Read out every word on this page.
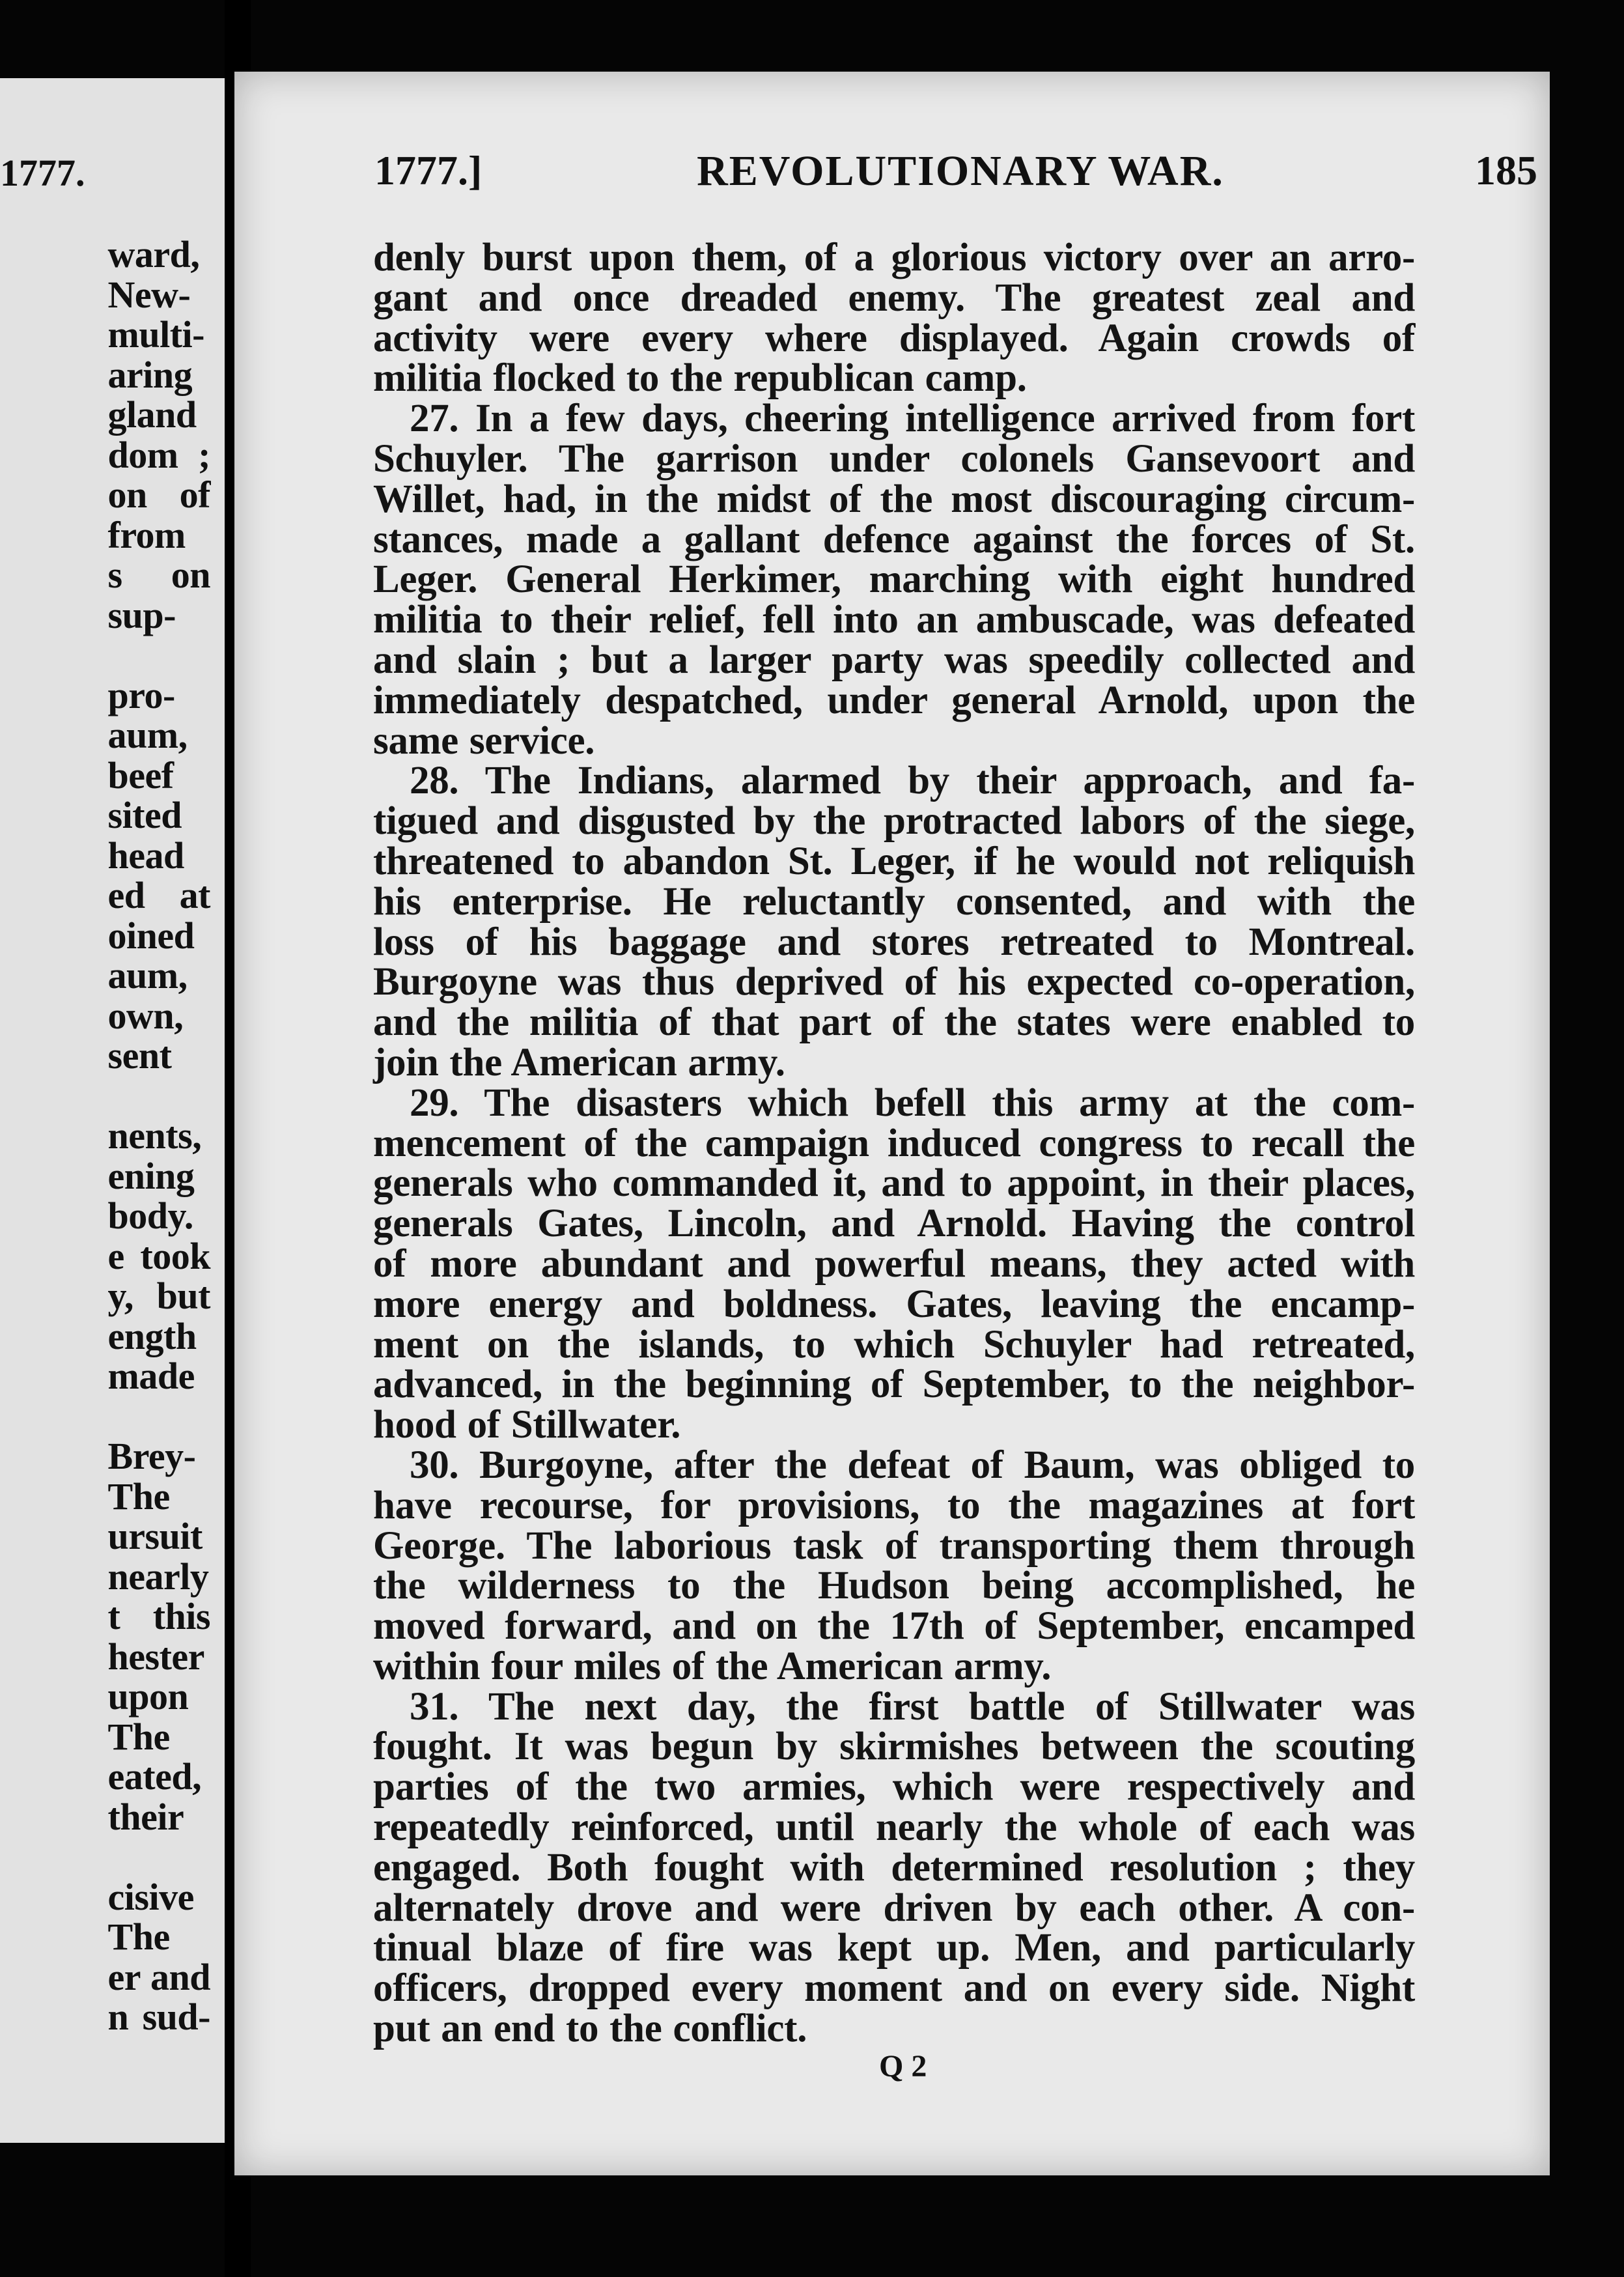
1777.
ward,
New-
multi-
aring
gland
dom ;
on of
from
s on
sup-
pro-
aum,
beef
sited
head
ed at
oined
aum,
own,
sent
nents,
ening
body.
e took
y, but
ength
made
Brey-
The
ursuit
nearly
t this
hester
upon
The
eated,
their
cisive
The
er and
n sud-
1777.]	REVOLUTIONARY WAR.	185
denly burst upon them, of a glorious victory over an arro-
gant and once dreaded enemy. The greatest zeal and
activity were every where displayed. Again crowds of
militia flocked to the republican camp.
27. In a few days, cheering intelligence arrived from fort
Schuyler. The garrison under colonels Gansevoort and
Willet, had, in the midst of the most discouraging circum-
stances, made a gallant defence against the forces of St.
Leger. General Herkimer, marching with eight hundred
militia to their relief, fell into an ambuscade, was defeated
and slain ; but a larger party was speedily collected and
immediately despatched, under general Arnold, upon the
same service.
28. The Indians, alarmed by their approach, and fa-
tigued and disgusted by the protracted labors of the siege,
threatened to abandon St. Leger, if he would not reliquish
his enterprise. He reluctantly consented, and with the
loss of his baggage and stores retreated to Montreal.
Burgoyne was thus deprived of his expected co-operation,
and the militia of that part of the states were enabled to
join the American army.
29. The disasters which befell this army at the com-
mencement of the campaign induced congress to recall the
generals who commanded it, and to appoint, in their places,
generals Gates, Lincoln, and Arnold. Having the control
of more abundant and powerful means, they acted with
more energy and boldness. Gates, leaving the encamp-
ment on the islands, to which Schuyler had retreated,
advanced, in the beginning of September, to the neighbor-
hood of Stillwater.
30. Burgoyne, after the defeat of Baum, was obliged to
have recourse, for provisions, to the magazines at fort
George. The laborious task of transporting them through
the wilderness to the Hudson being accomplished, he
moved forward, and on the 17th of September, encamped
within four miles of the American army.
31. The next day, the first battle of Stillwater was
fought. It was begun by skirmishes between the scouting
parties of the two armies, which were respectively and
repeatedly reinforced, until nearly the whole of each was
engaged. Both fought with determined resolution ; they
alternately drove and were driven by each other. A con-
tinual blaze of fire was kept up. Men, and particularly
officers, dropped every moment and on every side. Night
put an end to the conflict.
Q 2
